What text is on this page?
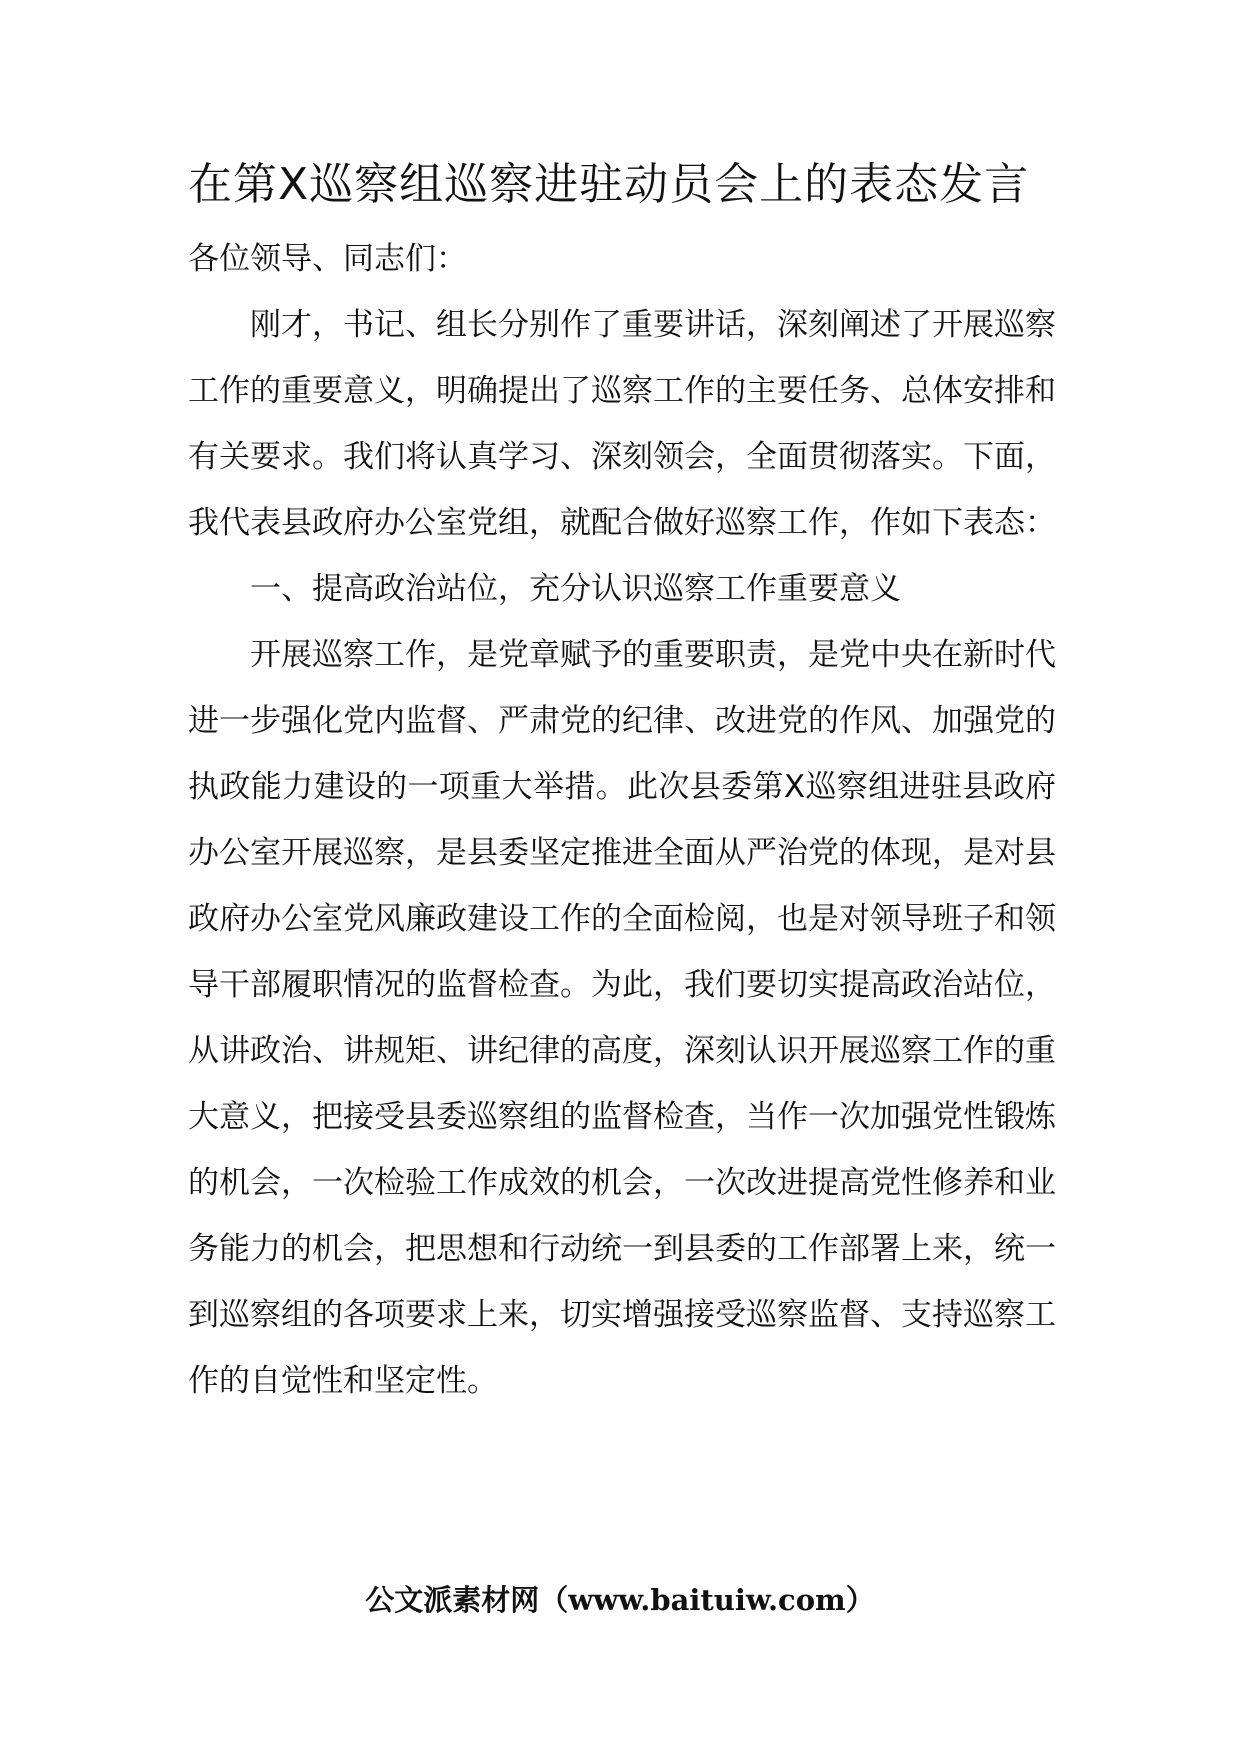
在第X巡察组巡察进驻动员会上的表态发言

各位领导、同志们：

刚才，书记、组长分别作了重要讲话，深刻阐述了开展巡察工作的重要意义，明确提出了巡察工作的主要任务、总体安排和有关要求。我们将认真学习、深刻领会，全面贯彻落实。下面，我代表县政府办公室党组，就配合做好巡察工作，作如下表态：

一、提高政治站位，充分认识巡察工作重要意义

开展巡察工作，是党章赋予的重要职责，是党中央在新时代进一步强化党内监督、严肃党的纪律、改进党的作风、加强党的执政能力建设的一项重大举措。此次县委第X巡察组进驻县政府办公室开展巡察，是县委坚定推进全面从严治党的体现，是对县政府办公室党风廉政建设工作的全面检阅，也是对领导班子和领导干部履职情况的监督检查。为此，我们要切实提高政治站位，从讲政治、讲规矩、讲纪律的高度，深刻认识开展巡察工作的重大意义，把接受县委巡察组的监督检查，当作一次加强党性锻炼的机会，一次检验工作成效的机会，一次改进提高党性修养和业务能力的机会，把思想和行动统一到县委的工作部署上来，统一到巡察组的各项要求上来，切实增强接受巡察监督、支持巡察工作的自觉性和坚定性。

公文派素材网（www.baituiw.com）
